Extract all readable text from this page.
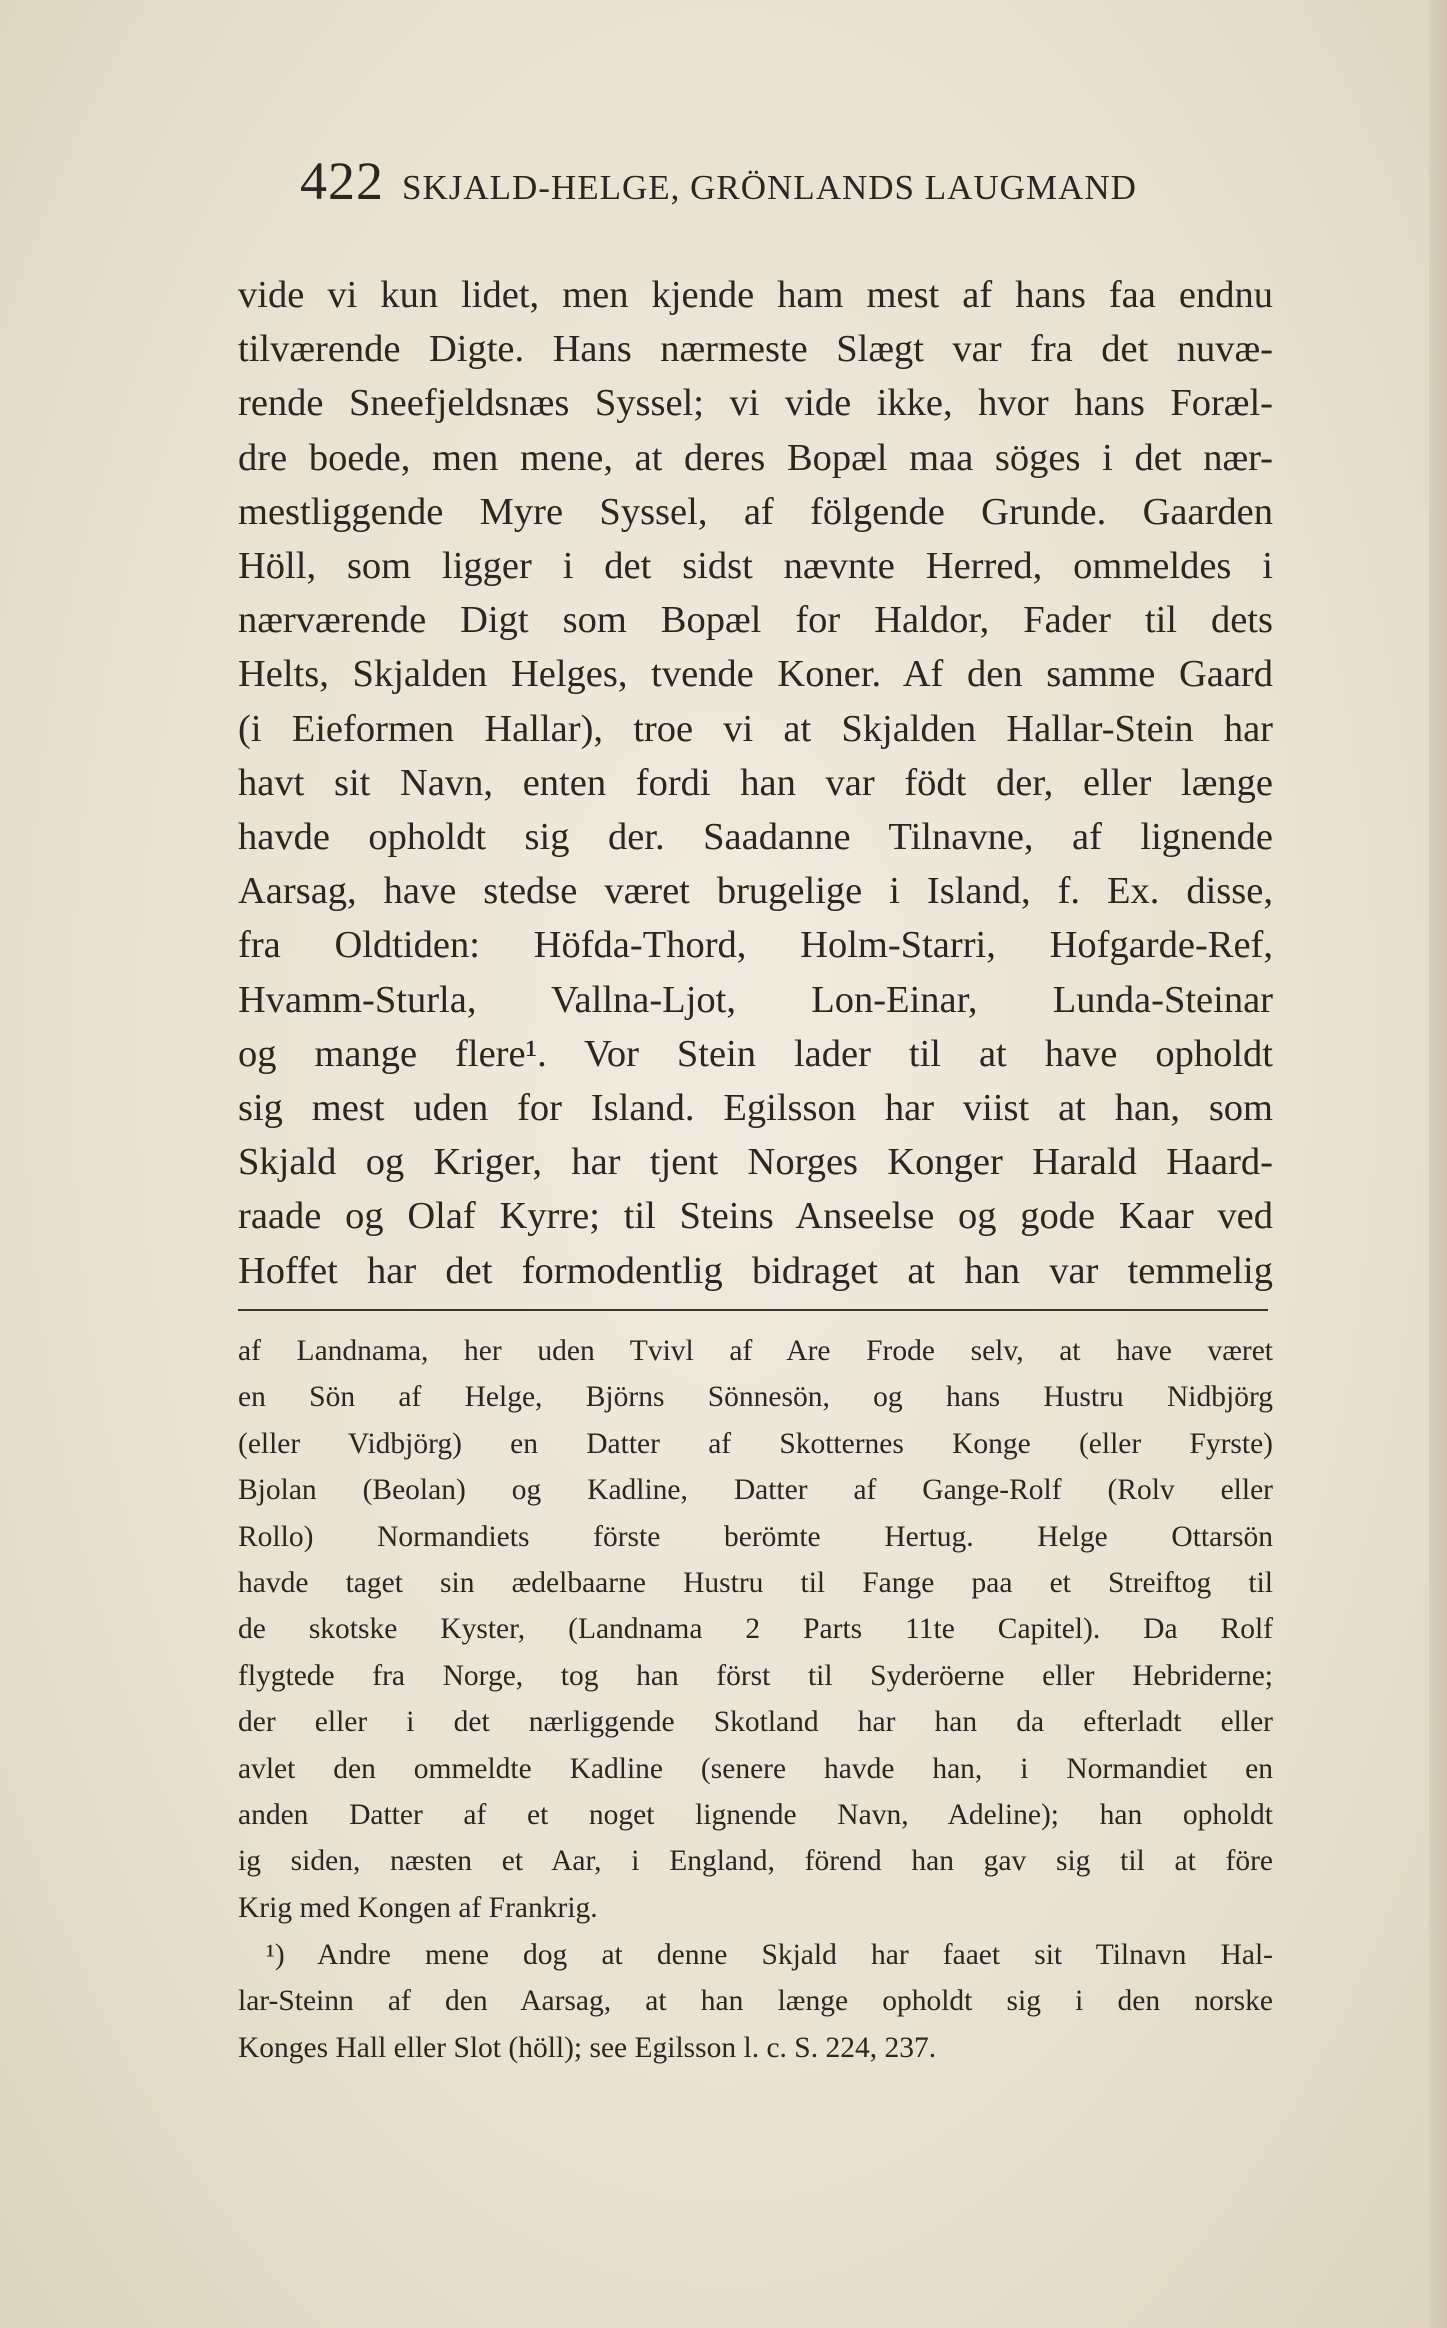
422 SKJALD-HELGE, GRÖNLANDS LAUGMAND
vide vi kun lidet, men kjende ham mest af hans faa endnu
tilværende Digte. Hans nærmeste Slægt var fra det nuvæ-
rende Sneefjeldsnæs Syssel; vi vide ikke, hvor hans Foræl-
dre boede, men mene, at deres Bopæl maa söges i det nær-
mestliggende Myre Syssel, af fölgende Grunde. Gaarden
Höll, som ligger i det sidst nævnte Herred, ommeldes i
nærværende Digt som Bopæl for Haldor, Fader til dets
Helts, Skjalden Helges, tvende Koner. Af den samme Gaard
(i Eieformen Hallar), troe vi at Skjalden Hallar-Stein har
havt sit Navn, enten fordi han var födt der, eller længe
havde opholdt sig der. Saadanne Tilnavne, af lignende
Aarsag, have stedse været brugelige i Island, f. Ex. disse,
fra Oldtiden: Höfda-Thord, Holm-Starri, Hofgarde-Ref,
Hvamm-Sturla, Vallna-Ljot, Lon-Einar, Lunda-Steinar
og mange flere¹. Vor Stein lader til at have opholdt
sig mest uden for Island. Egilsson har viist at han, som
Skjald og Kriger, har tjent Norges Konger Harald Haard-
raade og Olaf Kyrre; til Steins Anseelse og gode Kaar ved
Hoffet har det formodentlig bidraget at han var temmelig
af Landnama, her uden Tvivl af Are Frode selv, at have været
en Sön af Helge, Björns Sönnesön, og hans Hustru Nidbjörg
(eller Vidbjörg) en Datter af Skotternes Konge (eller Fyrste)
Bjolan (Beolan) og Kadline, Datter af Gange-Rolf (Rolv eller
Rollo) Normandiets förste berömte Hertug. Helge Ottarsön
havde taget sin ædelbaarne Hustru til Fange paa et Streiftog til
de skotske Kyster, (Landnama 2 Parts 11te Capitel). Da Rolf
flygtede fra Norge, tog han först til Syderöerne eller Hebriderne;
der eller i det nærliggende Skotland har han da efterladt eller
avlet den ommeldte Kadline (senere havde han, i Normandiet en
anden Datter af et noget lignende Navn, Adeline); han opholdt
ig siden, næsten et Aar, i England, förend han gav sig til at före
Krig med Kongen af Frankrig.
¹) Andre mene dog at denne Skjald har faaet sit Tilnavn Hal-
lar-Steinn af den Aarsag, at han længe opholdt sig i den norske
Konges Hall eller Slot (höll); see Egilsson l. c. S. 224, 237.
